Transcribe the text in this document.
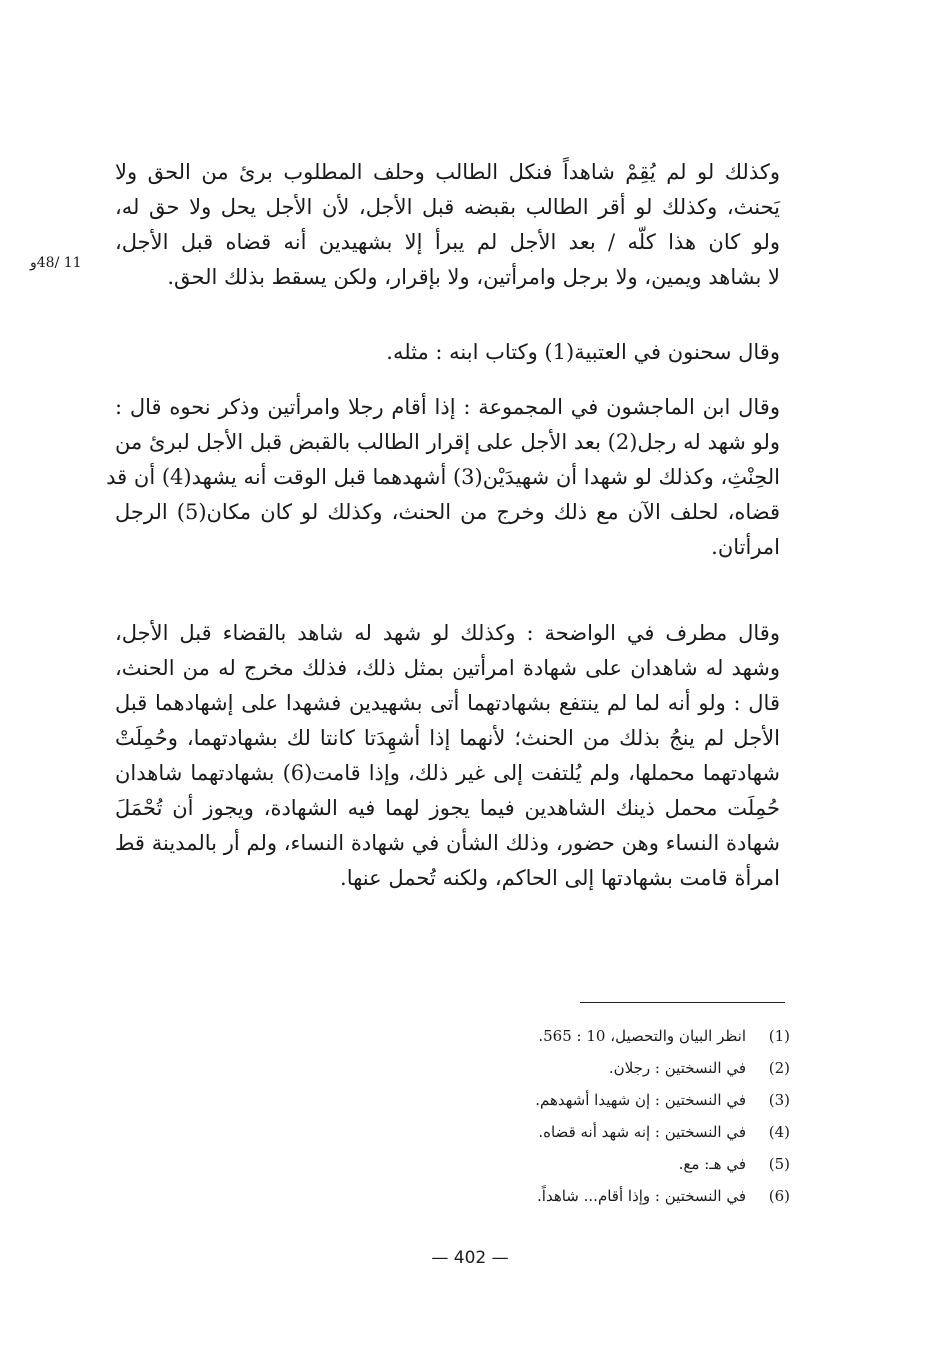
11 /48و
وكذلك لو لم يُقِمْ شاهداً فنكل الطالب وحلف المطلوب برئ من الحق ولا
يَحنث، وكذلك لو أقر الطالب بقبضه قبل الأجل، لأن الأجل يحل ولا حق له،
ولو كان هذا كلّه / بعد الأجل لم يبرأ إلا بشهيدين أنه قضاه قبل الأجل،
لا بشاهد ويمين، ولا برجل وامرأتين، ولا بإقرار، ولكن يسقط بذلك الحق.
وقال سحنون في العتبية(1) وكتاب ابنه : مثله.
وقال ابن الماجشون في المجموعة : إذا أقام رجلا وامرأتين وذكر نحوه قال :
ولو شهد له رجل(2) بعد الأجل على إقرار الطالب بالقبض قبل الأجل لبرئ من
الحِنْثِ، وكذلك لو شهدا أن شهيدَيْن(3) أشهدهما قبل الوقت أنه يشهد(4) أن قد
قضاه، لحلف الآن مع ذلك وخرج من الحنث، وكذلك لو كان مكان(5) الرجل
امرأتان.
وقال مطرف في الواضحة : وكذلك لو شهد له شاهد بالقضاء قبل الأجل،
وشهد له شاهدان على شهادة امرأتين بمثل ذلك، فذلك مخرج له من الحنث،
قال : ولو أنه لما لم ينتفع بشهادتهما أتى بشهيدين فشهدا على إشهادهما قبل
الأجل لم ينجُ بذلك من الحنث؛ لأنهما إذا أشهِدَتا كانتا لك بشهادتهما، وحُمِلَتْ
شهادتهما محملها، ولم يُلتفت إلى غير ذلك، وإذا قامت(6) بشهادتهما شاهدان
حُمِلَت محمل ذينك الشاهدين فيما يجوز لهما فيه الشهادة، ويجوز أن تُحْمَلَ
شهادة النساء وهن حضور، وذلك الشأن في شهادة النساء، ولم أر بالمدينة قط
امرأة قامت بشهادتها إلى الحاكم، ولكنه تُحمل عنها.
(1)
انظر البيان والتحصيل، 10 : 565.
(2)
في النسختين : رجلان.
(3)
في النسختين : إن شهيدا أشهدهم.
(4)
في النسختين : إنه شهد أنه قضاه.
(5)
في هـ: مع.
(6)
في النسختين : وإذا أقام... شاهداً.
— 402 —
